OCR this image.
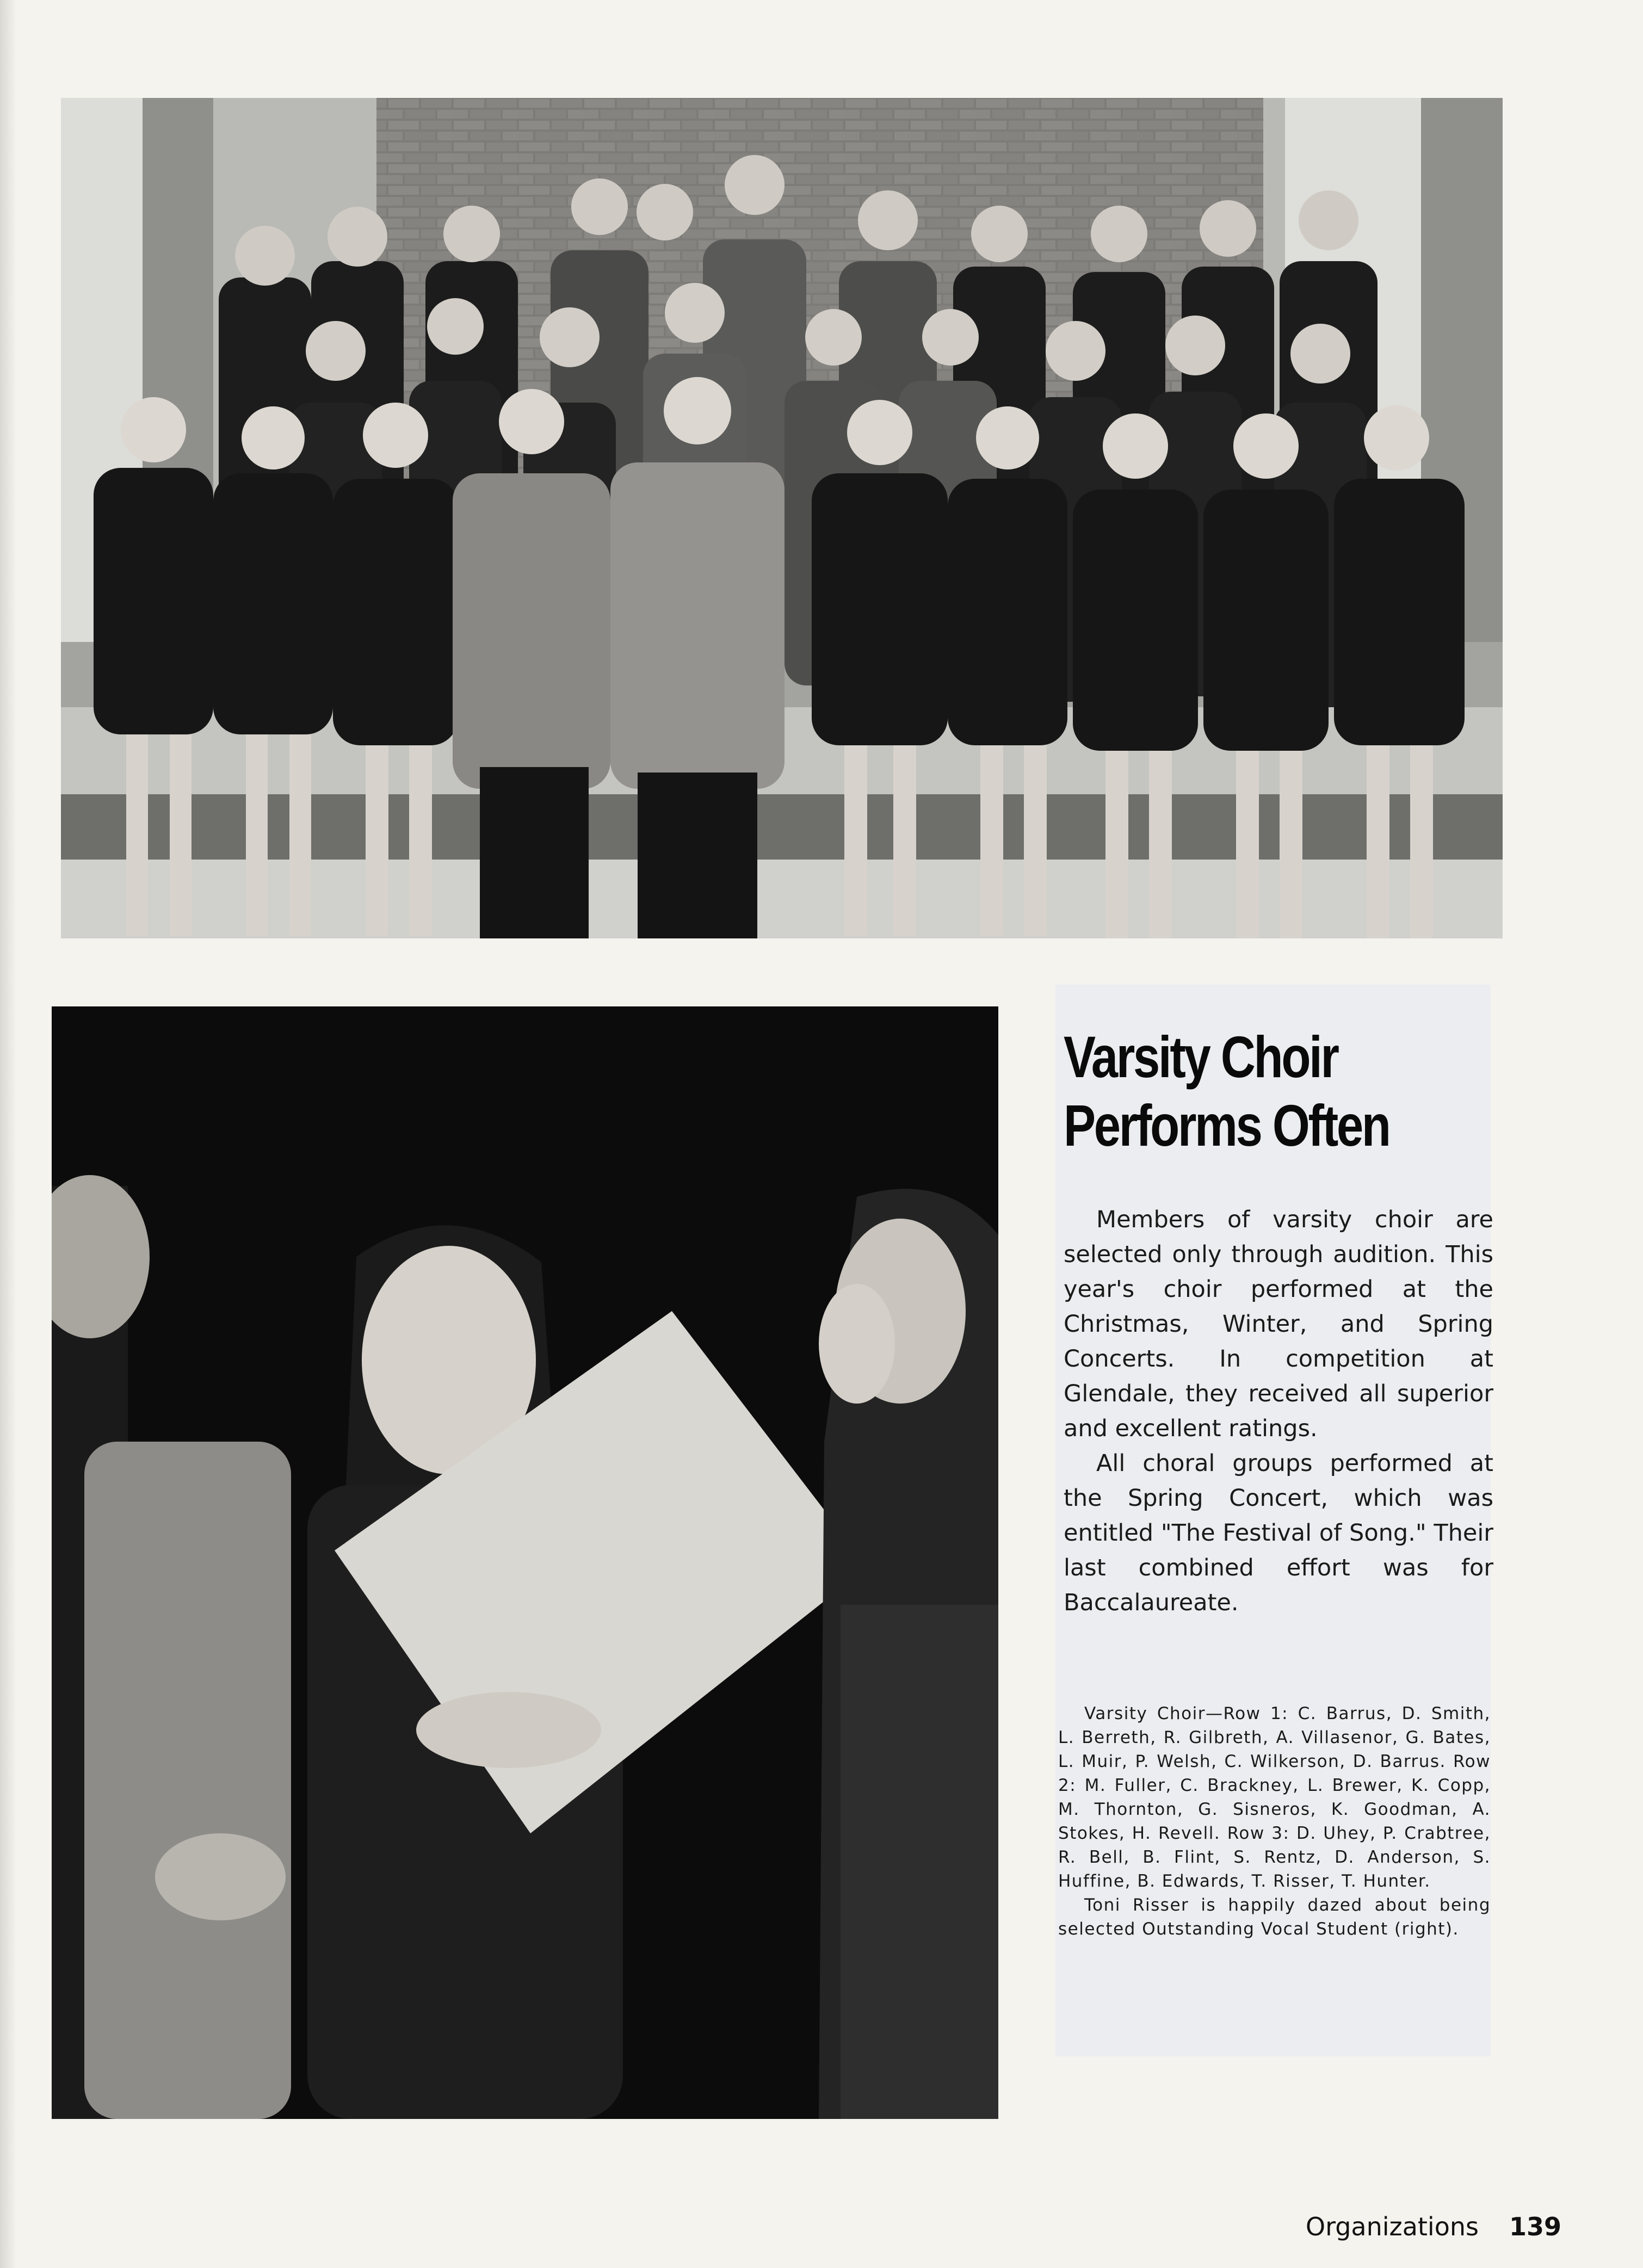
Varsity Choir
Performs Often

Members of varsity choir are selected only through audition. This year's choir performed at the Christmas, Winter, and Spring Concerts. In competition at Glendale, they received all superior and excellent ratings.

All choral groups performed at the Spring Concert, which was entitled "The Festival of Song." Their last combined effort was for Baccalaureate.

Varsity Choir—Row 1: C. Barrus, D. Smith, L. Berreth, R. Gilbreth, A. Villasenor, G. Bates, L. Muir, P. Welsh, C. Wilkerson, D. Barrus. Row 2: M. Fuller, C. Brackney, L. Brewer, K. Copp, M. Thornton, G. Sisneros, K. Goodman, A. Stokes, H. Revell. Row 3: D. Uhey, P. Crabtree, R. Bell, B. Flint, S. Rentz, D. Anderson, S. Huffine, B. Edwards, T. Risser, T. Hunter.

Toni Risser is happily dazed about being selected Outstanding Vocal Student (right).

Organizations 139
